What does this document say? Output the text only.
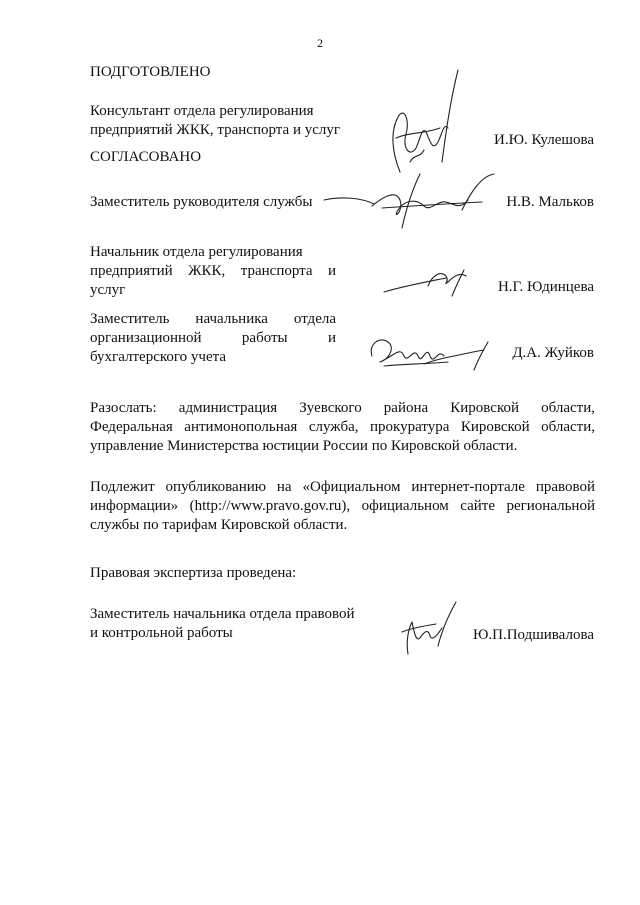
2
ПОДГОТОВЛЕНО
Консультант отдела регулирования
предприятий ЖКК, транспорта и услуг
И.Ю. Кулешова
СОГЛАСОВАНО
Заместитель руководителя службы	Н.В. Мальков
Начальник отдела регулирования
предприятий ЖКК, транспорта и
услуг	Н.Г. Юдинцева
Заместитель начальника отдела
организационной работы и
бухгалтерского учета	Д.А. Жуйков
Разослать: администрация Зуевского района Кировской области,
Федеральная антимонопольная служба, прокуратура Кировской области,
управление Министерства юстиции России по Кировской области.
Подлежит опубликованию на «Официальном интернет-портале правовой
информации» (http://www.pravo.gov.ru), официальном сайте региональной
службы по тарифам Кировской области.
Правовая экспертиза проведена:
Заместитель начальника отдела правовой
и контрольной работы	Ю.П.Подшивалова
